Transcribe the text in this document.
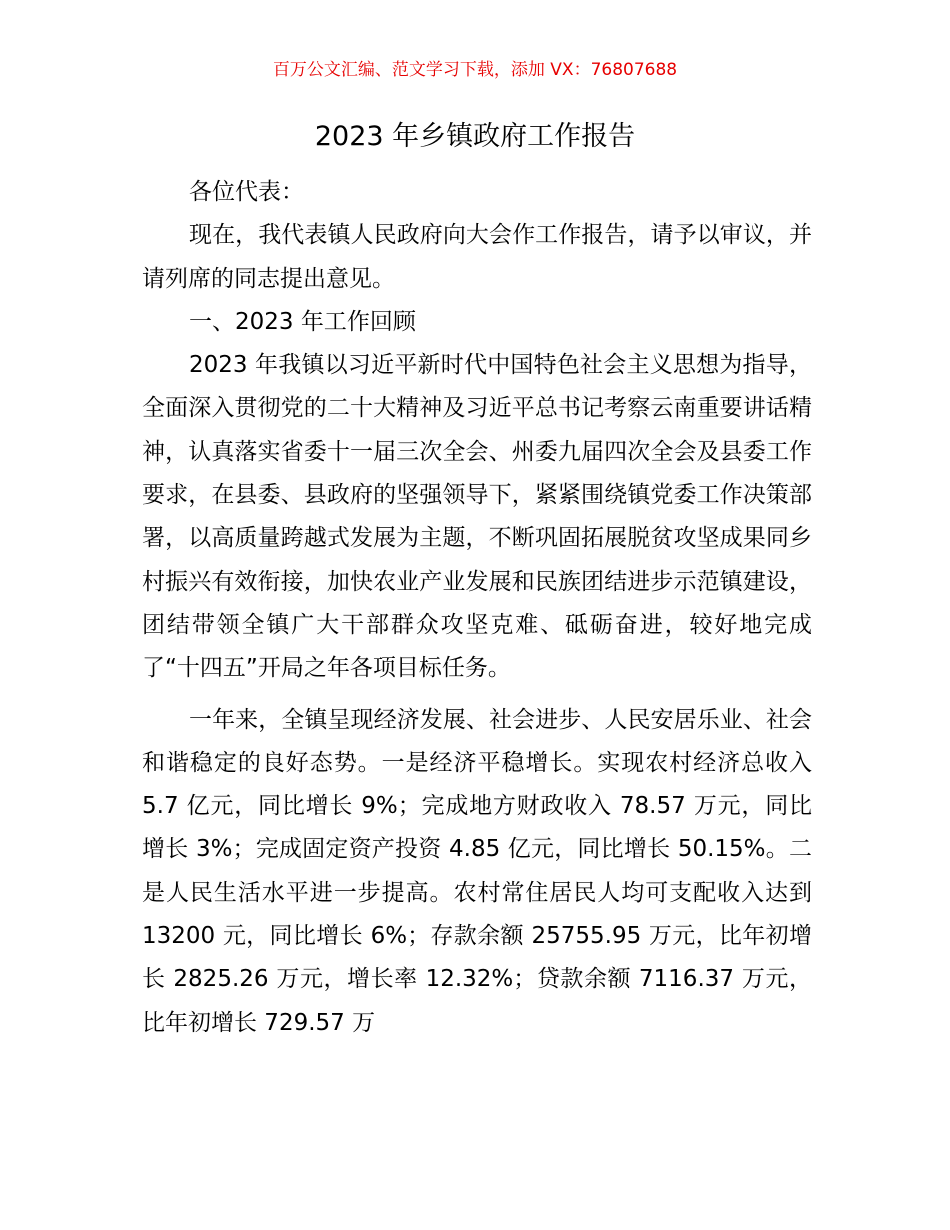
百万公文汇编、范文学习下载，添加 VX：76807688
2023 年乡镇政府工作报告

各位代表：

现在，我代表镇人民政府向大会作工作报告，请予以审议，并请列席的同志提出意见。

一、2023 年工作回顾

2023 年我镇以习近平新时代中国特色社会主义思想为指导，全面深入贯彻党的二十大精神及习近平总书记考察云南重要讲话精神，认真落实省委十一届三次全会、州委九届四次全会及县委工作要求，在县委、县政府的坚强领导下，紧紧围绕镇党委工作决策部署，以高质量跨越式发展为主题，不断巩固拓展脱贫攻坚成果同乡村振兴有效衔接，加快农业产业发展和民族团结进步示范镇建设，团结带领全镇广大干部群众攻坚克难、砥砺奋进，较好地完成了“十四五”开局之年各项目标任务。

一年来，全镇呈现经济发展、社会进步、人民安居乐业、社会和谐稳定的良好态势。一是经济平稳增长。实现农村经济总收入 5.7 亿元，同比增长 9%；完成地方财政收入 78.57 万元，同比增长 3%；完成固定资产投资 4.85 亿元，同比增长 50.15%。二是人民生活水平进一步提高。农村常住居民人均可支配收入达到 13200 元，同比增长 6%；存款余额 25755.95 万元，比年初增长 2825.26 万元，增长率 12.32%；贷款余额 7116.37 万元，比年初增长 729.57 万
